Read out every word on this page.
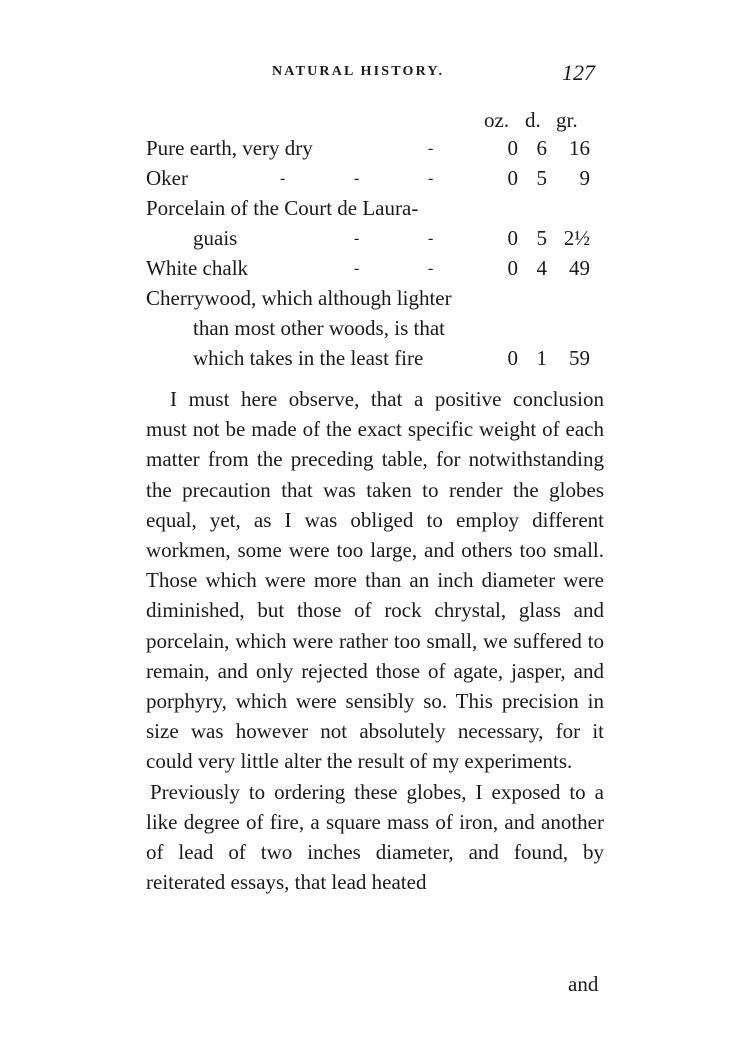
NATURAL HISTORY.	127
oz. d. gr.
Pure earth, very dry	-	0 6	16
Oker	-	-	-	0 5	9
Porcelain of the Court de Laura-
guais	-	-	0 5 2½
White chalk	-	-	0 4	49
Cherrywood, which although lighter
than most other woods, is that
which takes in the least fire	0 1	59

I must here observe, that a positive conclusion must not be made of the exact specific weight of each matter from the preceding table, for notwithstanding the precaution that was taken to render the globes equal, yet, as I was obliged to employ different workmen, some were too large, and others too small. Those which were more than an inch diameter were diminished, but those of rock chrystal, glass and porcelain, which were rather too small, we suffered to remain, and only rejected those of agate, jasper, and porphyry, which were sensibly so. This precision in size was however not absolutely necessary, for it could very little alter the result of my experiments.

Previously to ordering these globes, I exposed to a like degree of fire, a square mass of iron, and another of lead of two inches diameter, and found, by reiterated essays, that lead heated

and
